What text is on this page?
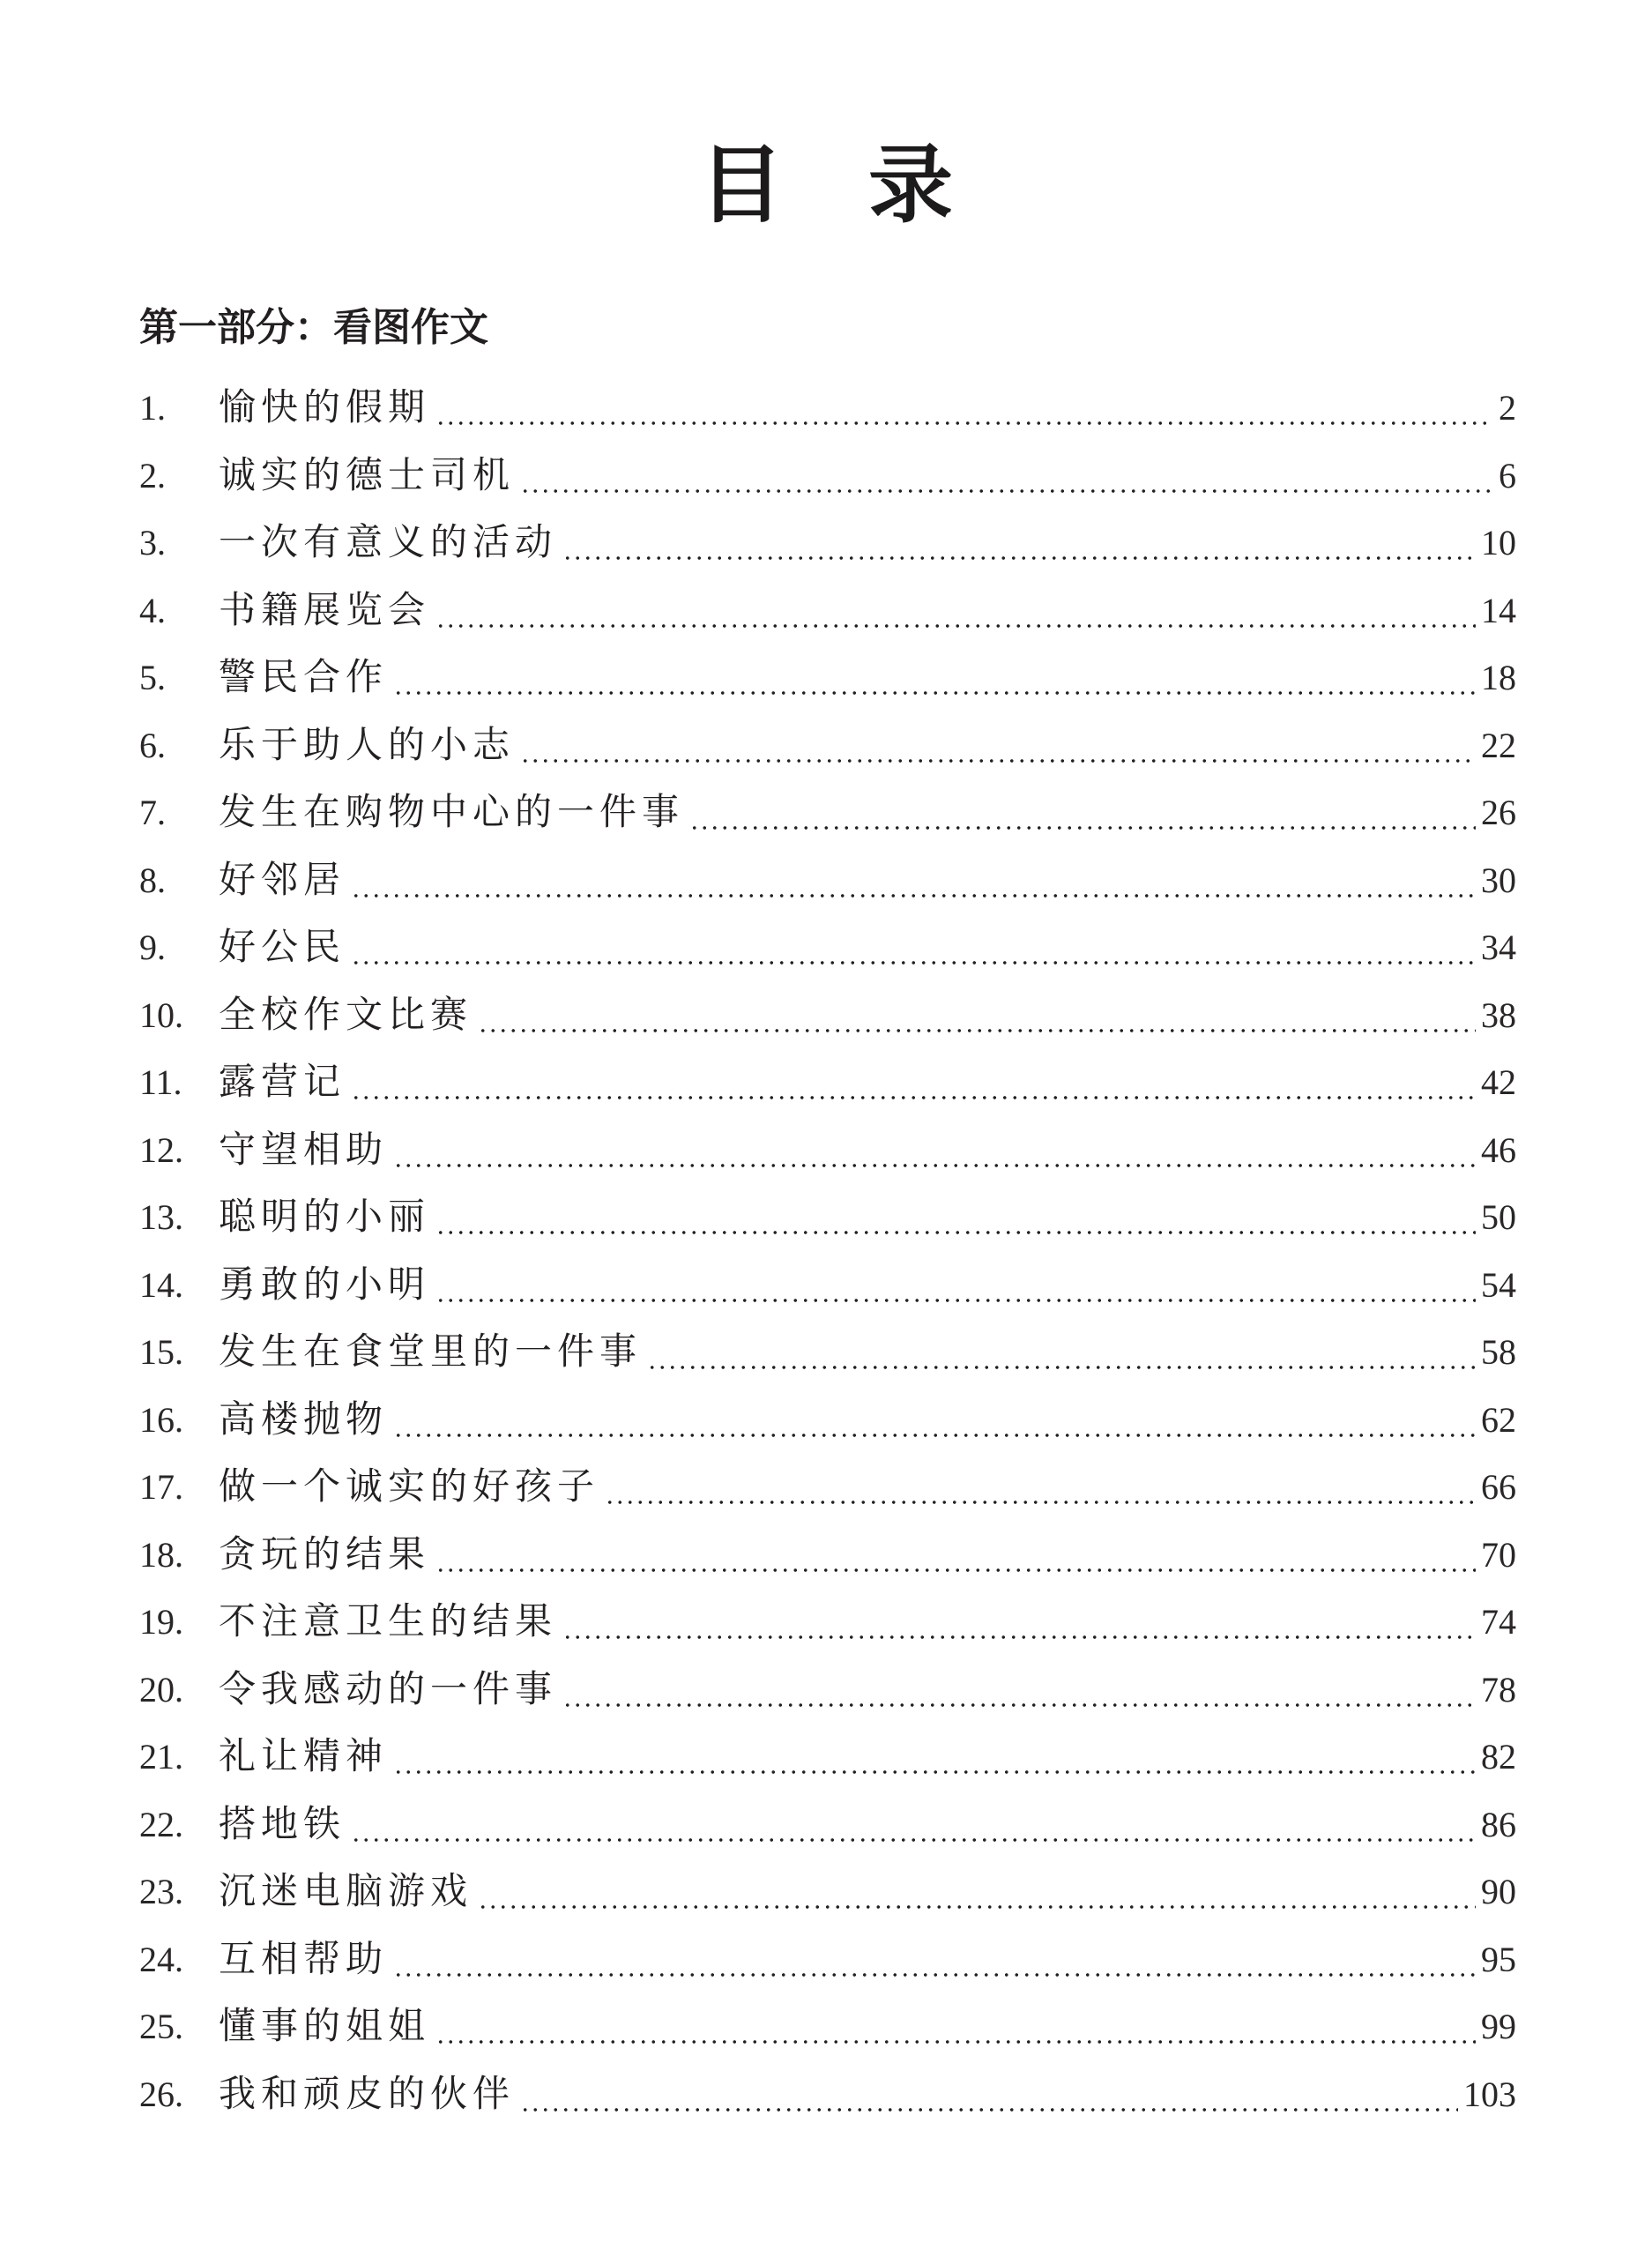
目 录
第一部分：看图作文
1.	愉快的假期	2
2.	诚实的德士司机	6
3.	一次有意义的活动	10
4.	书籍展览会	14
5.	警民合作	18
6.	乐于助人的小志	22
7.	发生在购物中心的一件事	26
8.	好邻居	30
9.	好公民	34
10. 全校作文比赛	38
11. 露营记	42
12. 守望相助	46
13. 聪明的小丽	50
14. 勇敢的小明	54
15. 发生在食堂里的一件事	58
16. 高楼抛物	62
17. 做一个诚实的好孩子	66
18. 贪玩的结果	70
19. 不注意卫生的结果	74
20. 令我感动的一件事	78
21. 礼让精神	82
22. 搭地铁	86
23. 沉迷电脑游戏	90
24. 互相帮助	95
25. 懂事的姐姐	99
26. 我和顽皮的伙伴	103
